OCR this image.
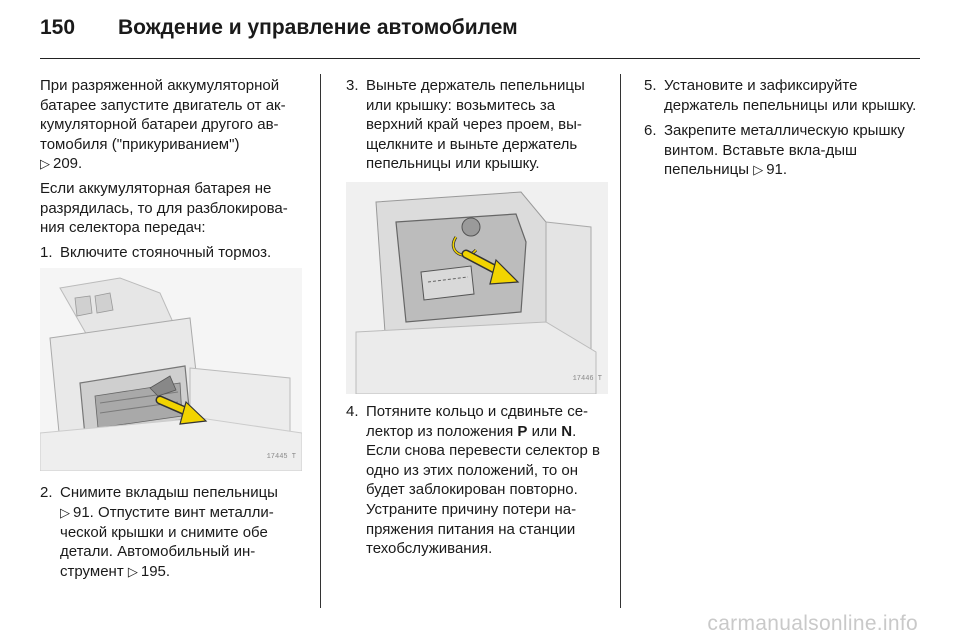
150 Вождение и управление автомобилем

При разряженной аккумуляторной батарее запустите двигатель от ак-кумуляторной батареи другого ав-томобиля ("прикуриванием")
▷ 209.

Если аккумуляторная батарея не разрядилась, то для разблокирова-ния селектора передач:

1. Включите стояночный тормоз.
17445 T
2. Снимите вкладыш пепельницы ▷ 91. Отпустите винт металли-ческой крышки и снимите обе детали. Автомобильный ин-струмент ▷ 195.
3. Выньте держатель пепельницы или крышку: возьмитесь за верхний край через проем, вы-щелкните и выньте держатель пепельницы или крышку.
17446 T
4. Потяните кольцо и сдвиньте се-лектор из положения P или N. Если снова перевести селектор в одно из этих положений, то он будет заблокирован повторно. Устраните причину потери на-пряжения питания на станции техобслуживания.
5. Установите и зафиксируйте держатель пепельницы или крышку.
6. Закрепите металлическую крышку винтом. Вставьте вкла-дыш пепельницы ▷ 91.
carmanualsonline.info
